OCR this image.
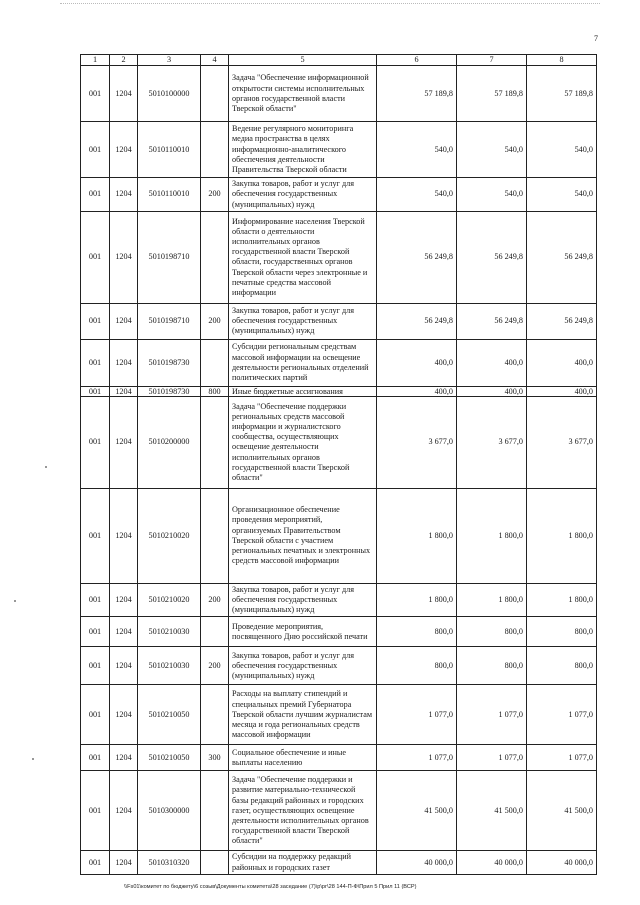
7
1	2	3	4	5	6	7	8
001	1204	5010100000		Задача "Обеспечение информационной открытости системы исполнительных органов государственной власти Тверской области"	57 189,8	57 189,8	57 189,8
001	1204	5010110010		Ведение регулярного мониторинга медиа пространства в целях информационно-аналитического обеспечения деятельности Правительства Тверской области	540,0	540,0	540,0
001	1204	5010110010	200	Закупка товаров, работ и услуг для обеспечения государственных (муниципальных) нужд	540,0	540,0	540,0
001	1204	5010198710		Информирование населения Тверской области о деятельности исполнительных органов государственной власти Тверской области, государственных органов Тверской области через электронные и печатные средства массовой информации	56 249,8	56 249,8	56 249,8
001	1204	5010198710	200	Закупка товаров, работ и услуг для обеспечения государственных (муниципальных) нужд	56 249,8	56 249,8	56 249,8
001	1204	5010198730		Субсидии региональным средствам массовой информации на освещение деятельности региональных отделений политических партий	400,0	400,0	400,0
001	1204	5010198730	800	Иные бюджетные ассигнования	400,0	400,0	400,0
001	1204	5010200000		Задача "Обеспечение поддержки региональных средств массовой информации и журналистского сообщества, осуществляющих освещение деятельности исполнительных органов государственной власти Тверской области"	3 677,0	3 677,0	3 677,0
001	1204	5010210020		Организационное обеспечение проведения мероприятий, организуемых Правительством Тверской области с участием региональных печатных и электронных средств массовой информации	1 800,0	1 800,0	1 800,0
001	1204	5010210020	200	Закупка товаров, работ и услуг для обеспечения государственных (муниципальных) нужд	1 800,0	1 800,0	1 800,0
001	1204	5010210030		Проведение мероприятия, посвященного Дню российской печати	800,0	800,0	800,0
001	1204	5010210030	200	Закупка товаров, работ и услуг для обеспечения государственных (муниципальных) нужд	800,0	800,0	800,0
001	1204	5010210050		Расходы на выплату стипендий и специальных премий Губернатора Тверской области лучшим журналистам месяца и года региональных средств массовой информации	1 077,0	1 077,0	1 077,0
001	1204	5010210050	300	Социальное обеспечение и иные выплаты населению	1 077,0	1 077,0	1 077,0
001	1204	5010300000		Задача "Обеспечение поддержки и развитие материально-технической базы редакций районных и городских газет, осуществляющих освещение деятельности исполнительных органов государственной власти Тверской области"	41 500,0	41 500,0	41 500,0
001	1204	5010310320		Субсидии на поддержку редакций районных и городских газет	40 000,0	40 000,0	40 000,0
\\Fs01\комитет по бюджету\6 созыв\Документы комитета\28 заседание (7)\р\рг\28 144-П-Ф\Прил 5 Прил 11 (ВСР)
